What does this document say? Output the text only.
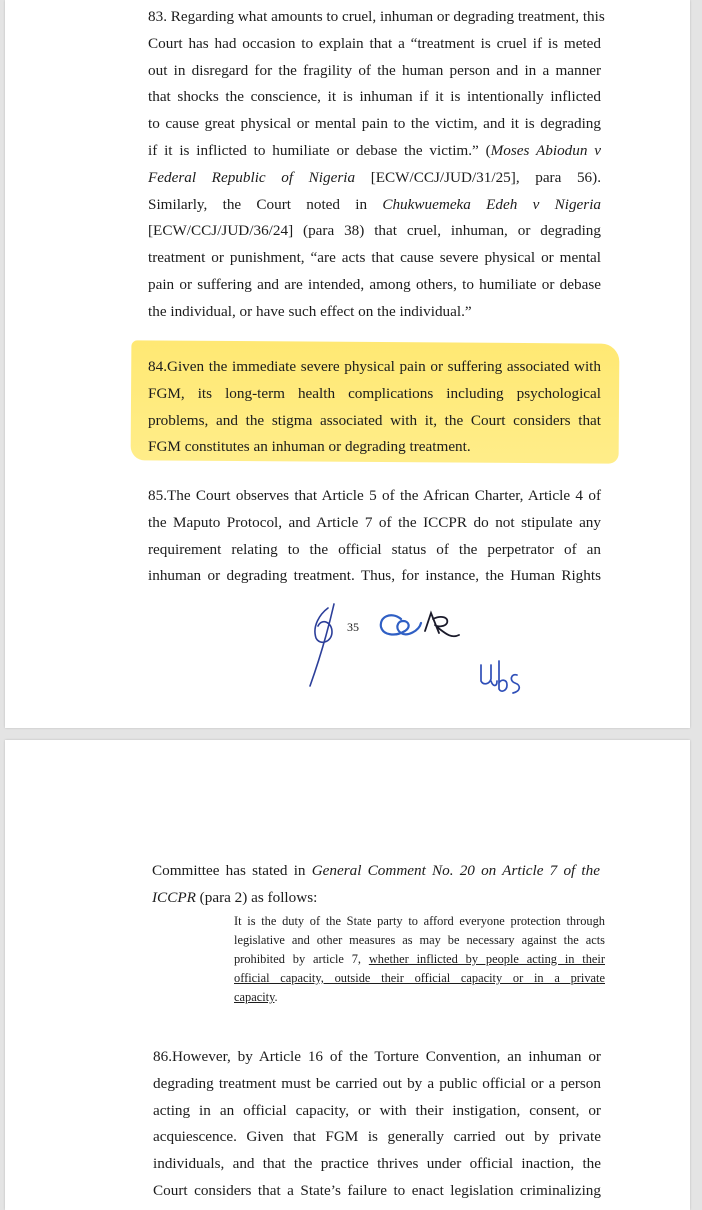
83. Regarding what amounts to cruel, inhuman or degrading treatment, this
Court has had occasion to explain that a “treatment is cruel if is meted
out in disregard for the fragility of the human person and in a manner
that shocks the conscience, it is inhuman if it is intentionally inflicted
to cause great physical or mental pain to the victim, and it is degrading
if it is inflicted to humiliate or debase the victim.” (Moses Abiodun v
Federal Republic of Nigeria [ECW/CCJ/JUD/31/25], para 56).
Similarly, the Court noted in Chukwuemeka Edeh v Nigeria
[ECW/CCJ/JUD/36/24] (para 38) that cruel, inhuman, or degrading
treatment or punishment, “are acts that cause severe physical or mental
pain or suffering and are intended, among others, to humiliate or debase
the individual, or have such effect on the individual.”
84.Given the immediate severe physical pain or suffering associated with
FGM, its long-term health complications including psychological
problems, and the stigma associated with it, the Court considers that
FGM constitutes an inhuman or degrading treatment.
85.The Court observes that Article 5 of the African Charter, Article 4 of
the Maputo Protocol, and Article 7 of the ICCPR do not stipulate any
requirement relating to the official status of the perpetrator of an
inhuman or degrading treatment. Thus, for instance, the Human Rights
35
Committee has stated in General Comment No. 20 on Article 7 of the
ICCPR (para 2) as follows:
It is the duty of the State party to afford everyone protection through
legislative and other measures as may be necessary against the acts
prohibited by article 7, whether inflicted by people acting in their
official capacity, outside their official capacity or in a private
capacity.
86.However, by Article 16 of the Torture Convention, an inhuman or
degrading treatment must be carried out by a public official or a person
acting in an official capacity, or with their instigation, consent, or
acquiescence. Given that FGM is generally carried out by private
individuals, and that the practice thrives under official inaction, the
Court considers that a State’s failure to enact legislation criminalizing
